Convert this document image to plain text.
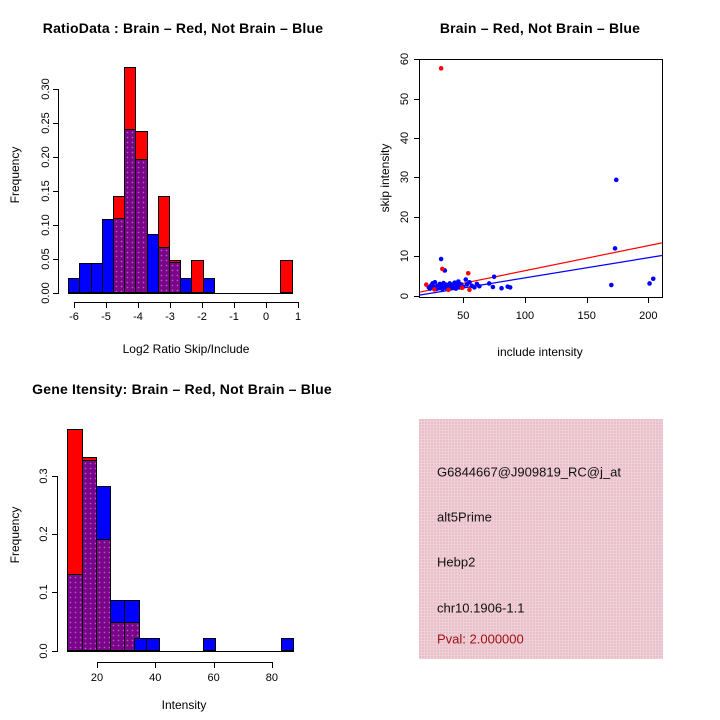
RatioData : Brain – Red, Not Brain – Blue	Brain – Red, Not Brain – Blue
Gene Itensity: Brain – Red, Not Brain – Blue
Log2 Ratio Skip/Include
Frequency
include intensity
skip intensity
Intensity
Frequency
G6844667@J909819_RC@j_at
alt5Prime
Hebp2
chr10.1906-1.1
Pval: 2.000000
0.00
0.05
0.10
0.15
0.20
0.25
0.30
-6 -5 -4 -3 -2 -1 0 1
0.0
0.1
0.2
0.3
20	40	60	80
50	100	150	200
0
10
20
30
40
50
60
